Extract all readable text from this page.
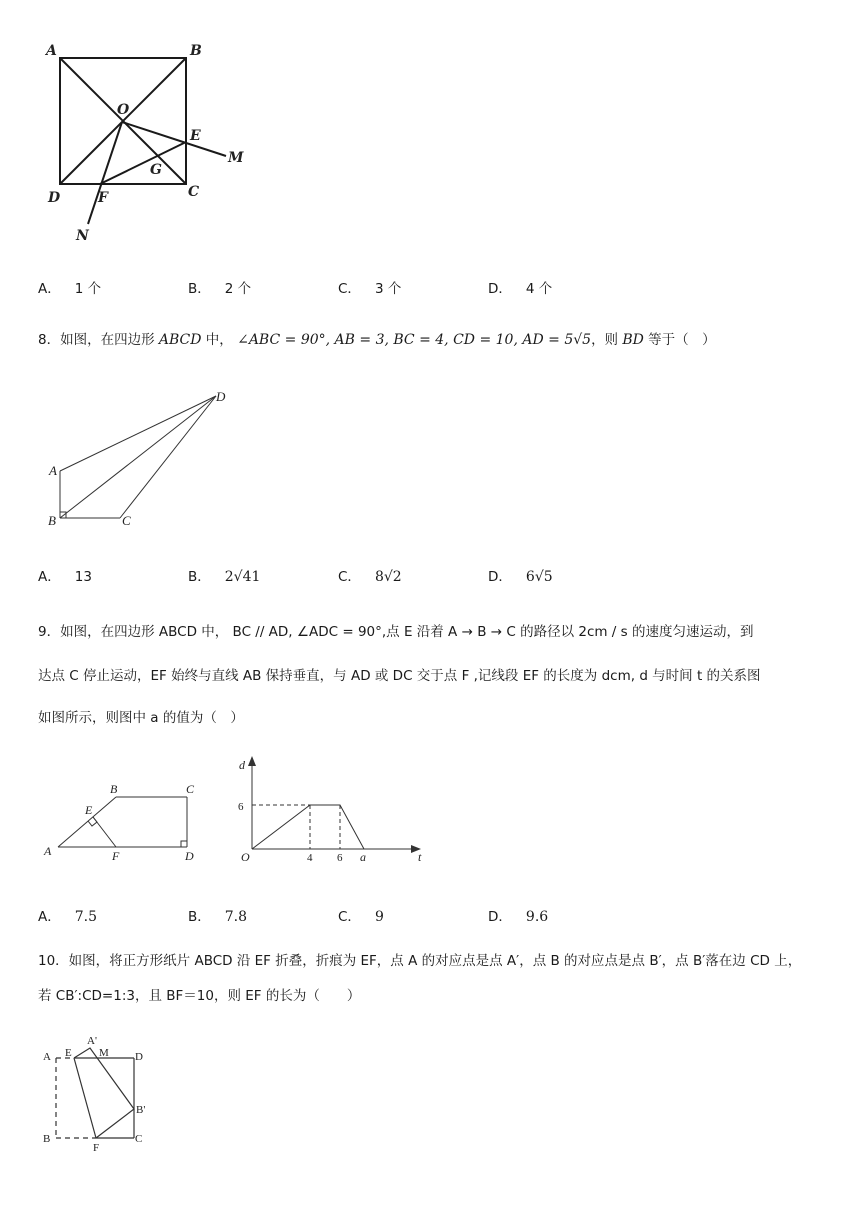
A	B
O
E
M
G
D	F	C
N
A． 1 个	B． 2 个	C． 3 个	D． 4 个
8．如图，在四边形 ABCD 中， ∠ABC = 90°, AB = 3, BC = 4, CD = 10, AD = 5√5，则 BD 等于（　）
D
A
B	C
A． 13	B． 2√41	C． 8√2	D． 6√5
9．如图，在四边形 ABCD 中， BC // AD, ∠ADC = 90°,点 E 沿着 A → B → C 的路径以 2cm / s 的速度匀速运动，到
达点 C 停止运动，EF 始终与直线 AB 保持垂直，与 AD 或 DC 交于点 F ,记线段 EF 的长度为 dcm, d 与时间 t 的关系图
如图所示，则图中 a 的值为（　）
B	C
E
A	F	D
d
6
O	4 6 a	t
A． 7.5	B． 7.8	C． 9	D． 9.6
10．如图，将正方形纸片 ABCD 沿 EF 折叠，折痕为 EF，点 A 的对应点是点 A′，点 B 的对应点是点 B′，点 B′落在边 CD 上，
若 CB′:CD=1:3，且 BF＝10，则 EF 的长为（　　）
A E
A'
M D
B'
B
F
C
